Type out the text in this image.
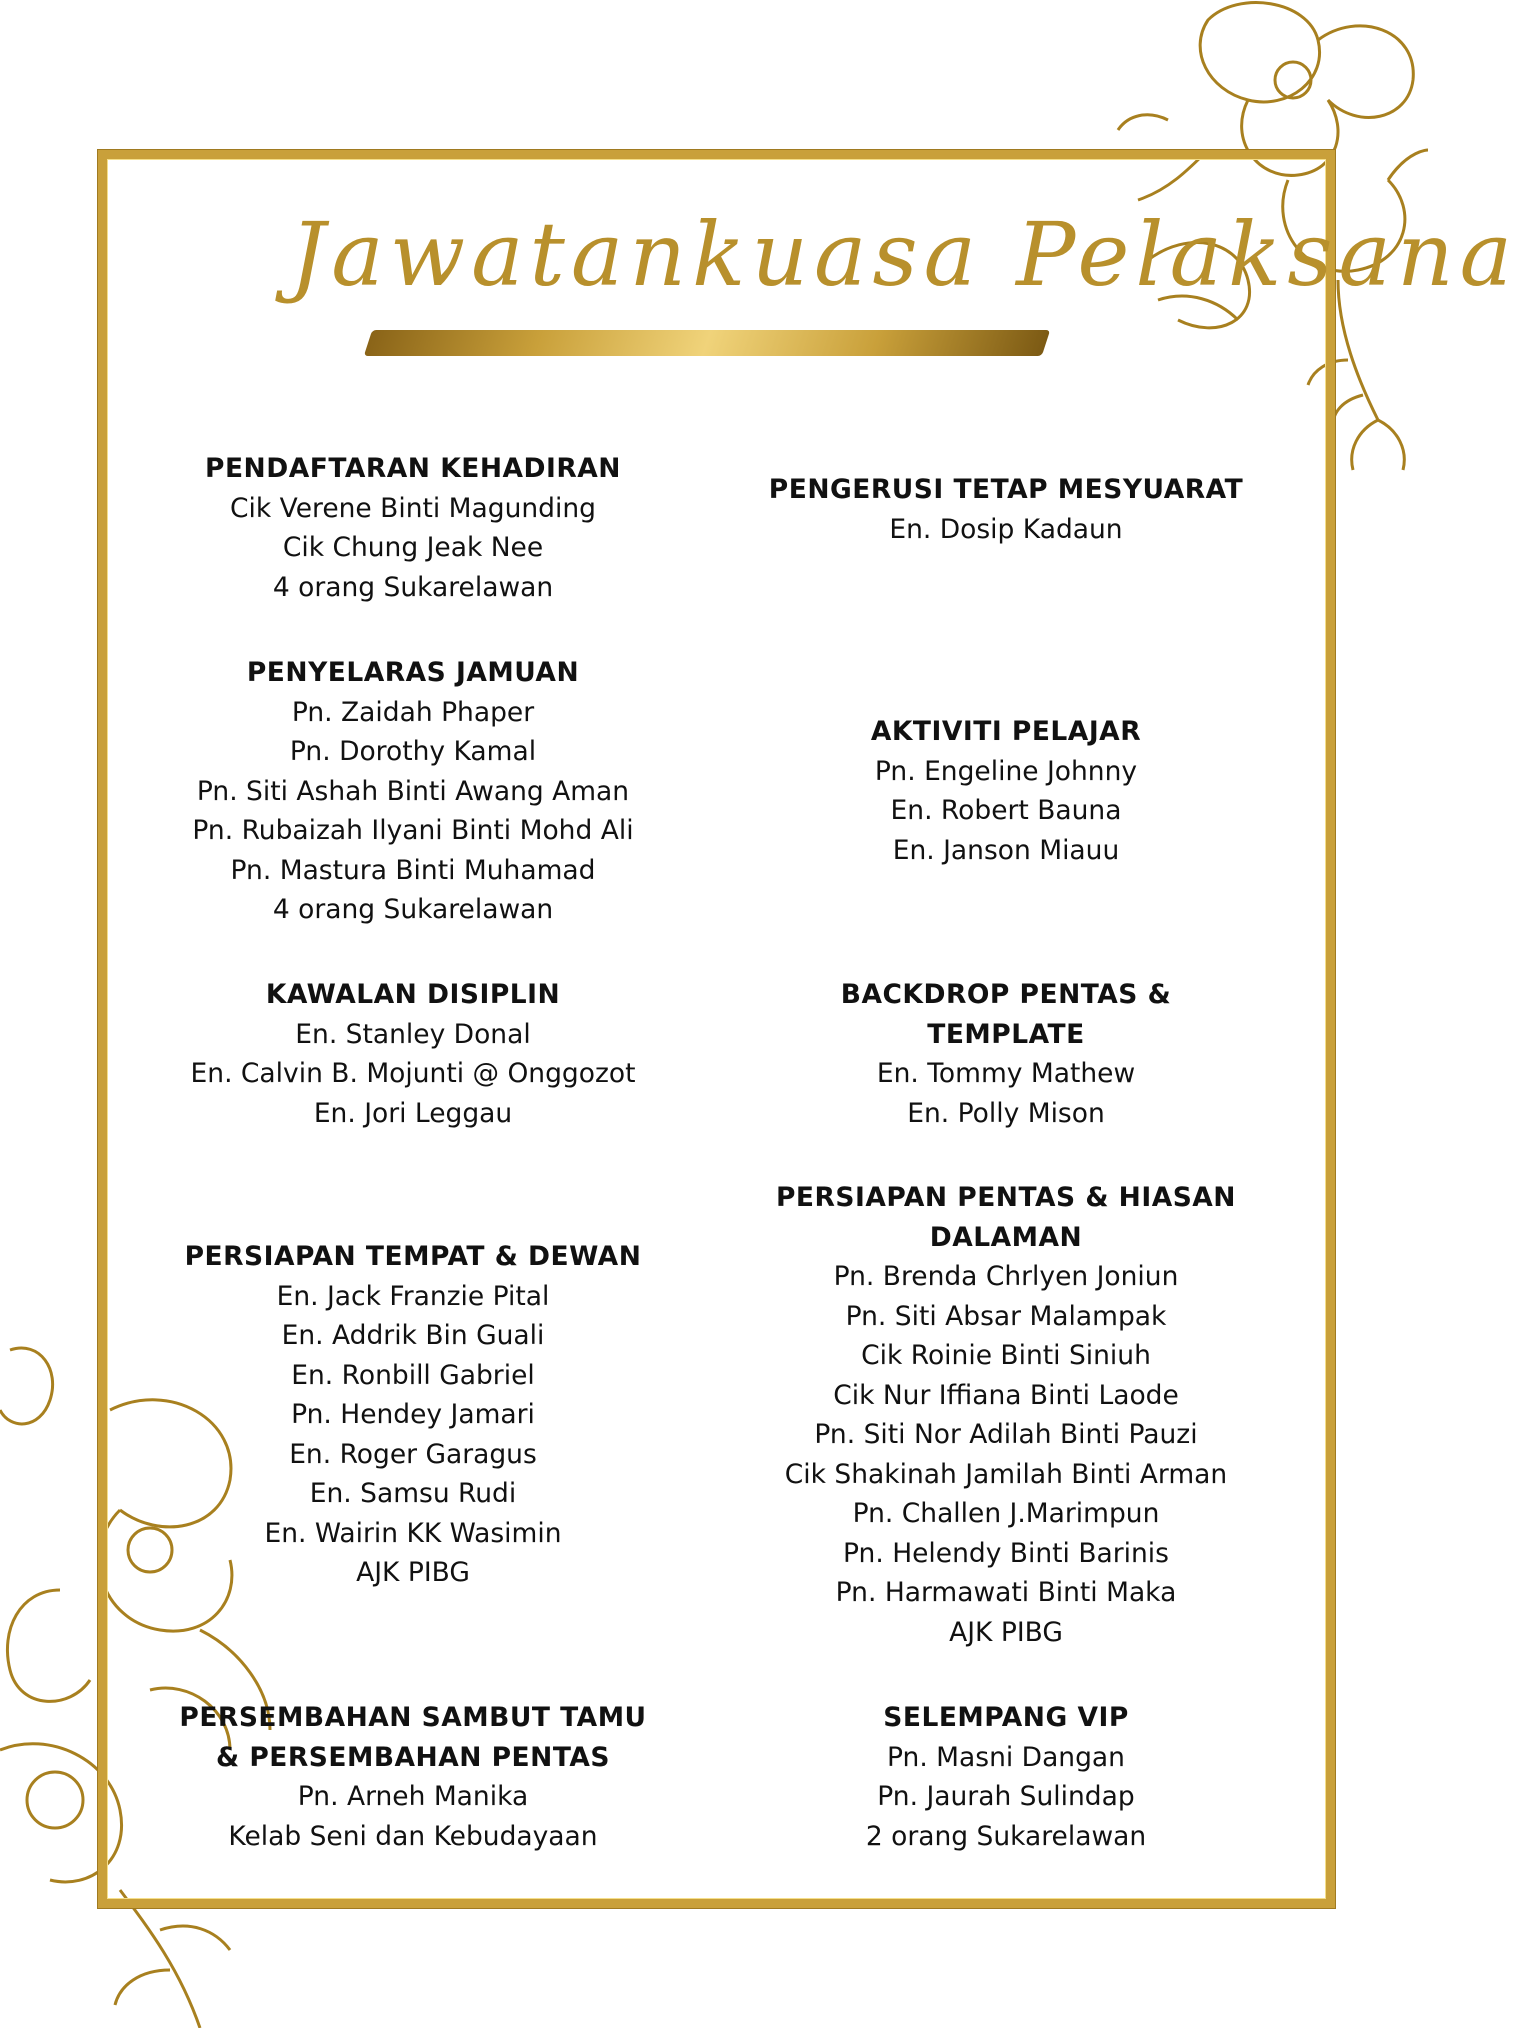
Jawatankuasa Pelaksana
PENDAFTARAN KEHADIRAN
Cik Verene Binti Magunding
Cik Chung Jeak Nee
4 orang Sukarelawan
PENYELARAS JAMUAN
Pn. Zaidah Phaper
Pn. Dorothy Kamal
Pn. Siti Ashah Binti Awang Aman
Pn. Rubaizah Ilyani Binti Mohd Ali
Pn. Mastura Binti Muhamad
4 orang Sukarelawan
KAWALAN DISIPLIN
En. Stanley Donal
En. Calvin B. Mojunti @ Onggozot
En. Jori Leggau
PERSIAPAN TEMPAT & DEWAN
En. Jack Franzie Pital
En. Addrik Bin Guali
En. Ronbill Gabriel
Pn. Hendey Jamari
En. Roger Garagus
En. Samsu Rudi
En. Wairin KK Wasimin
AJK PIBG
PERSEMBAHAN SAMBUT TAMU
& PERSEMBAHAN PENTAS
Pn. Arneh Manika
Kelab Seni dan Kebudayaan
PENGERUSI TETAP MESYUARAT
En. Dosip Kadaun
AKTIVITI PELAJAR
Pn. Engeline Johnny
En. Robert Bauna
En. Janson Miauu
BACKDROP PENTAS &
TEMPLATE
En. Tommy Mathew
En. Polly Mison
PERSIAPAN PENTAS & HIASAN
DALAMAN
Pn. Brenda Chrlyen Joniun
Pn. Siti Absar Malampak
Cik Roinie Binti Siniuh
Cik Nur Iffiana Binti Laode
Pn. Siti Nor Adilah Binti Pauzi
Cik Shakinah Jamilah Binti Arman
Pn. Challen J.Marimpun
Pn. Helendy Binti Barinis
Pn. Harmawati Binti Maka
AJK PIBG
SELEMPANG VIP
Pn. Masni Dangan
Pn. Jaurah Sulindap
2 orang Sukarelawan
